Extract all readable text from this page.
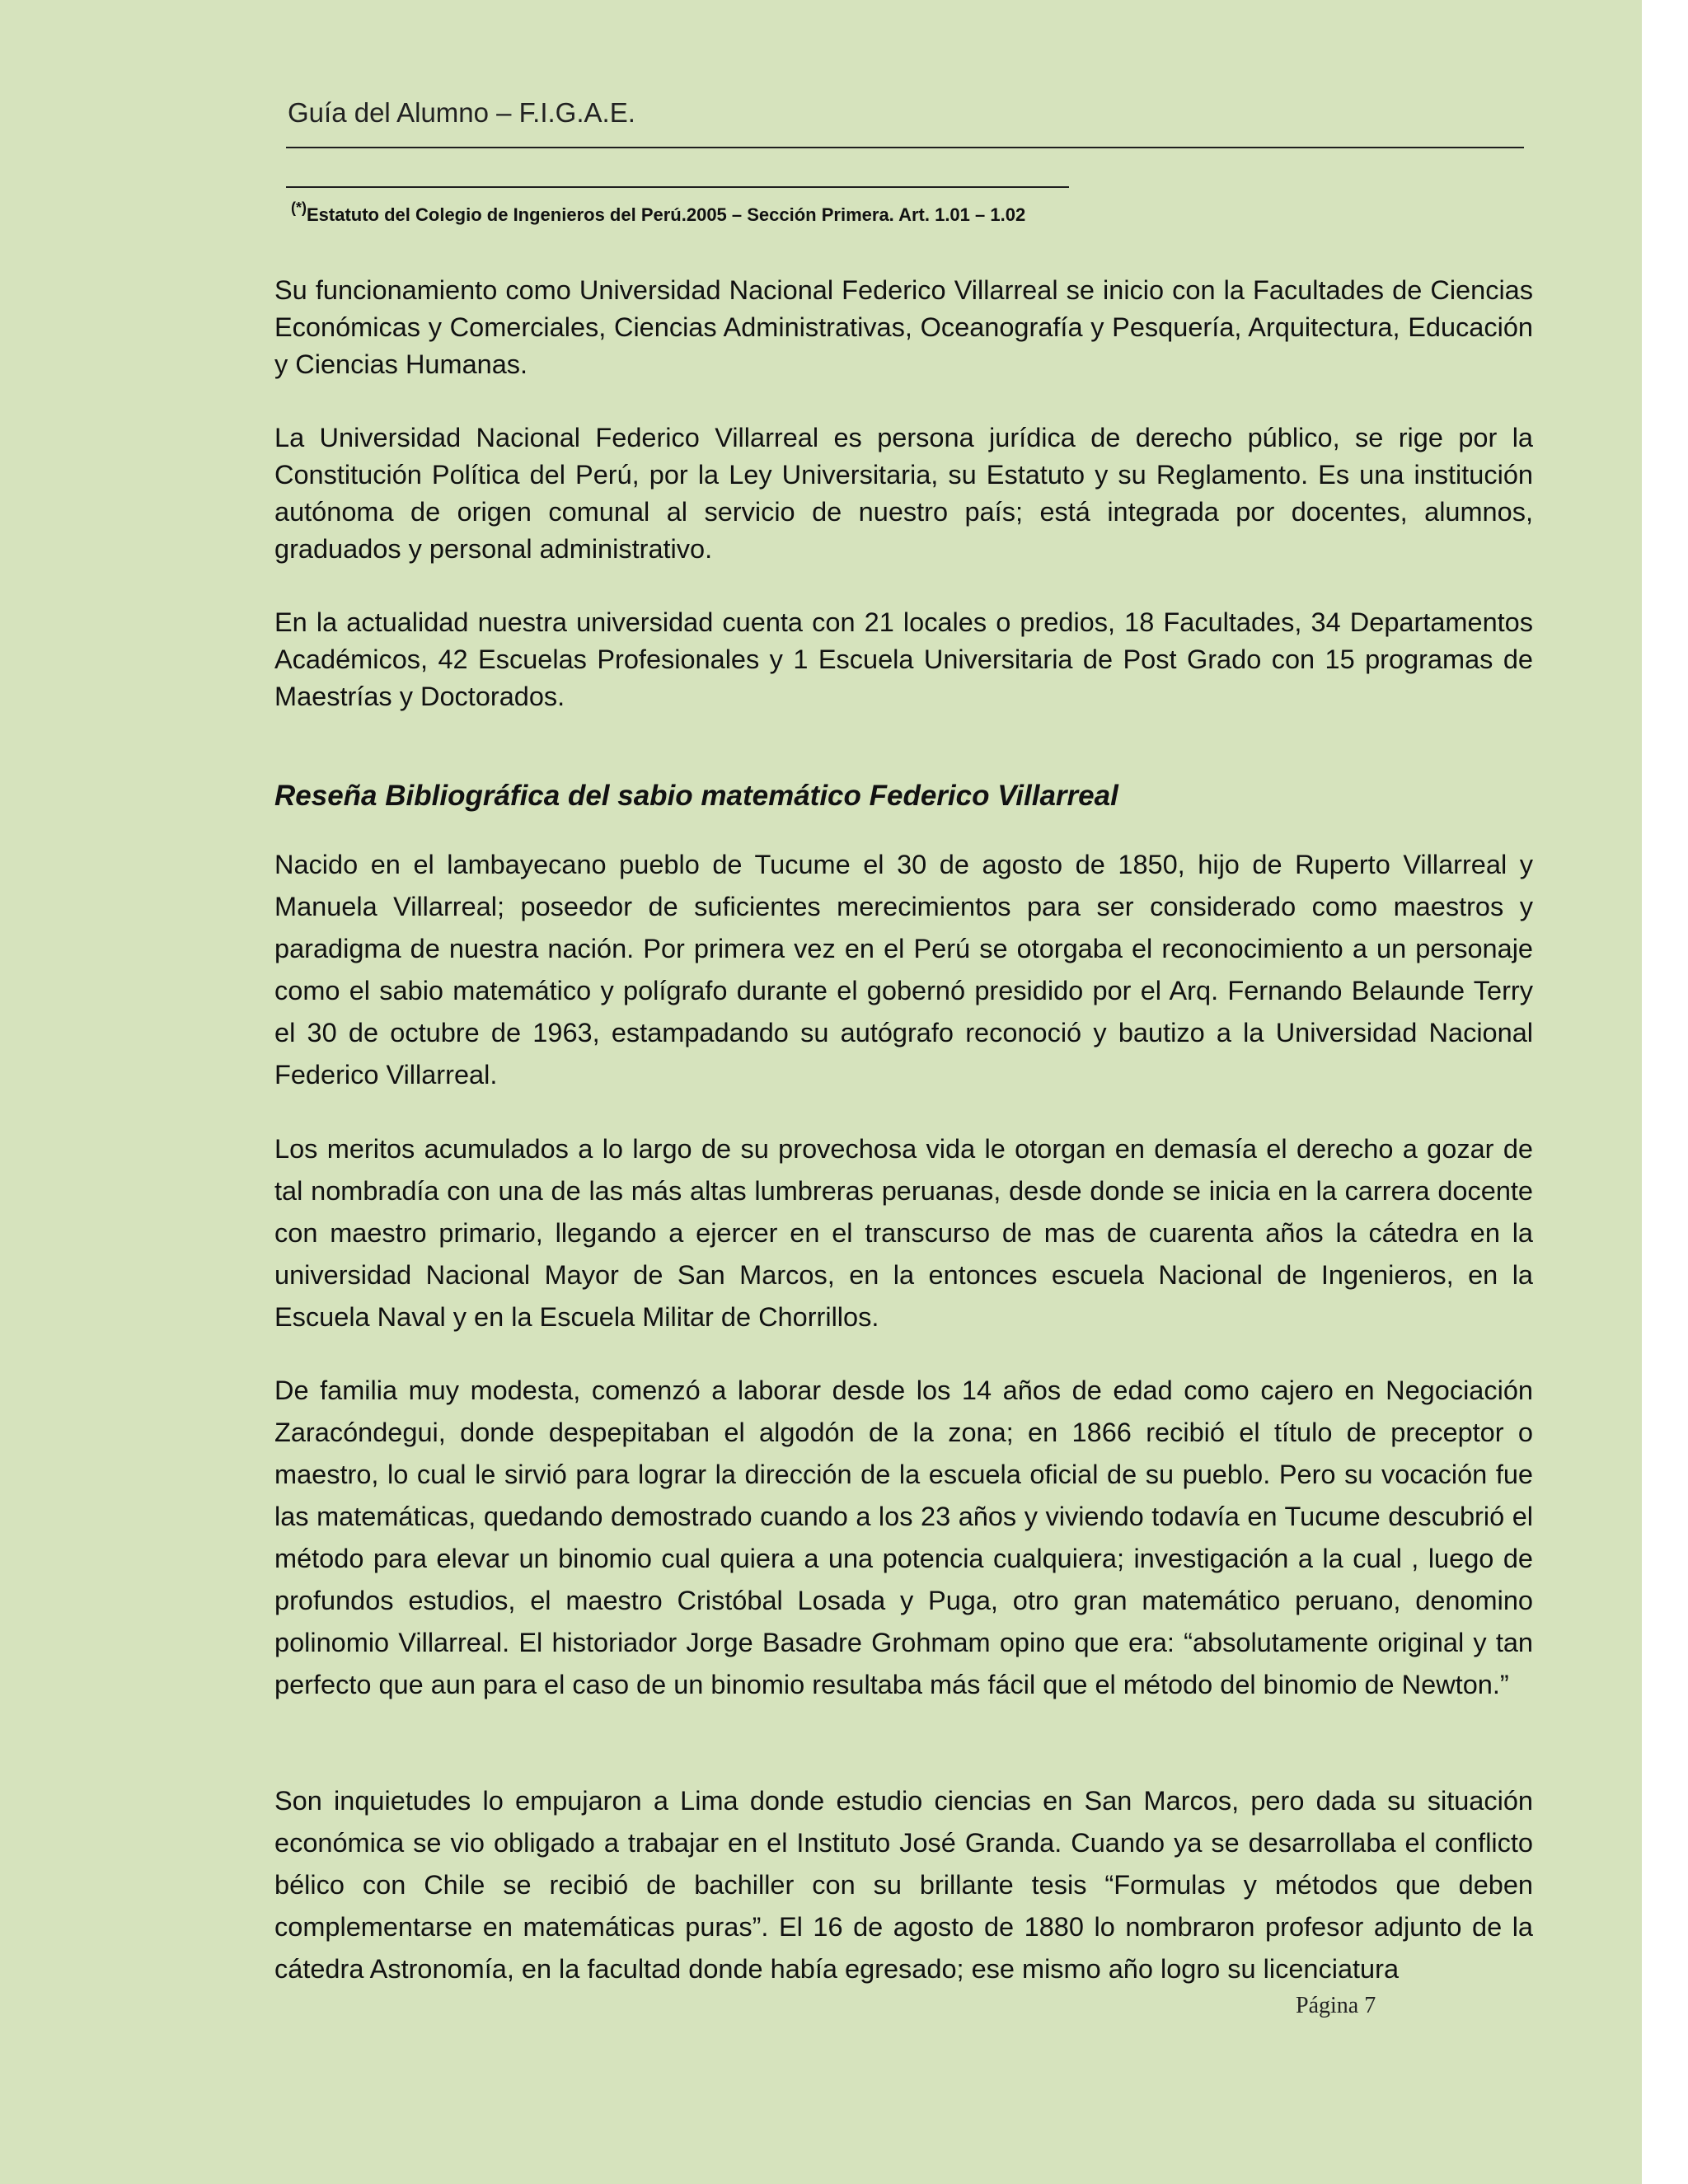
Guía del Alumno – F.I.G.A.E.
(*)Estatuto del Colegio de Ingenieros del Perú.2005 – Sección Primera. Art. 1.01 – 1.02

Su funcionamiento como Universidad Nacional Federico Villarreal se inicio con la Facultades de Ciencias Económicas y Comerciales, Ciencias Administrativas, Oceanografía y Pesquería, Arquitectura, Educación y Ciencias Humanas.

La Universidad Nacional Federico Villarreal es persona jurídica de derecho público, se rige por la Constitución Política del Perú, por la Ley Universitaria, su Estatuto y su Reglamento. Es una institución autónoma de origen comunal al servicio de nuestro país; está integrada por docentes, alumnos, graduados y personal administrativo.

En la actualidad nuestra universidad cuenta con 21 locales o predios, 18 Facultades, 34 Departamentos Académicos, 42 Escuelas Profesionales y 1 Escuela Universitaria de Post Grado con 15 programas de Maestrías y Doctorados.

Reseña Bibliográfica del sabio matemático Federico Villarreal

Nacido en el lambayecano pueblo de Tucume el 30 de agosto de 1850, hijo de Ruperto Villarreal y Manuela Villarreal; poseedor de suficientes merecimientos para ser considerado como maestros y paradigma de nuestra nación. Por primera vez en el Perú se otorgaba el reconocimiento a un personaje como el sabio matemático y polígrafo durante el gobernó presidido por el Arq. Fernando Belaunde Terry el 30 de octubre de 1963, estampadando su autógrafo reconoció y bautizo a la Universidad Nacional Federico Villarreal.

Los meritos acumulados a lo largo de su provechosa vida le otorgan en demasía el derecho a gozar de tal nombradía con una de las más altas lumbreras peruanas, desde donde se inicia en la carrera docente con maestro primario, llegando a ejercer en el transcurso de mas de cuarenta años la cátedra en la universidad Nacional Mayor de San Marcos, en la entonces escuela Nacional de Ingenieros, en la Escuela Naval y en la Escuela Militar de Chorrillos.

De familia muy modesta, comenzó a laborar desde los 14 años de edad como cajero en Negociación Zaracóndegui, donde despepitaban el algodón de la zona; en 1866 recibió el título de preceptor o maestro, lo cual le sirvió para lograr la dirección de la escuela oficial de su pueblo. Pero su vocación fue las matemáticas, quedando demostrado cuando a los 23 años y viviendo todavía en Tucume descubrió el método para elevar un binomio cual quiera a una potencia cualquiera; investigación a la cual , luego de profundos estudios, el maestro Cristóbal Losada y Puga, otro gran matemático peruano, denomino polinomio Villarreal. El historiador Jorge Basadre Grohmam opino que era: “absolutamente original y tan perfecto que aun para el caso de un binomio resultaba más fácil que el método del binomio de Newton.”

Son inquietudes lo empujaron a Lima donde estudio ciencias en San Marcos, pero dada su situación económica se vio obligado a trabajar en el Instituto José Granda. Cuando ya se desarrollaba el conflicto bélico con Chile se recibió de bachiller con su brillante tesis “Formulas y métodos que deben complementarse en matemáticas puras”. El 16 de agosto de 1880 lo nombraron profesor adjunto de la cátedra Astronomía, en la facultad donde había egresado; ese mismo año logro su licenciatura

Página 7
